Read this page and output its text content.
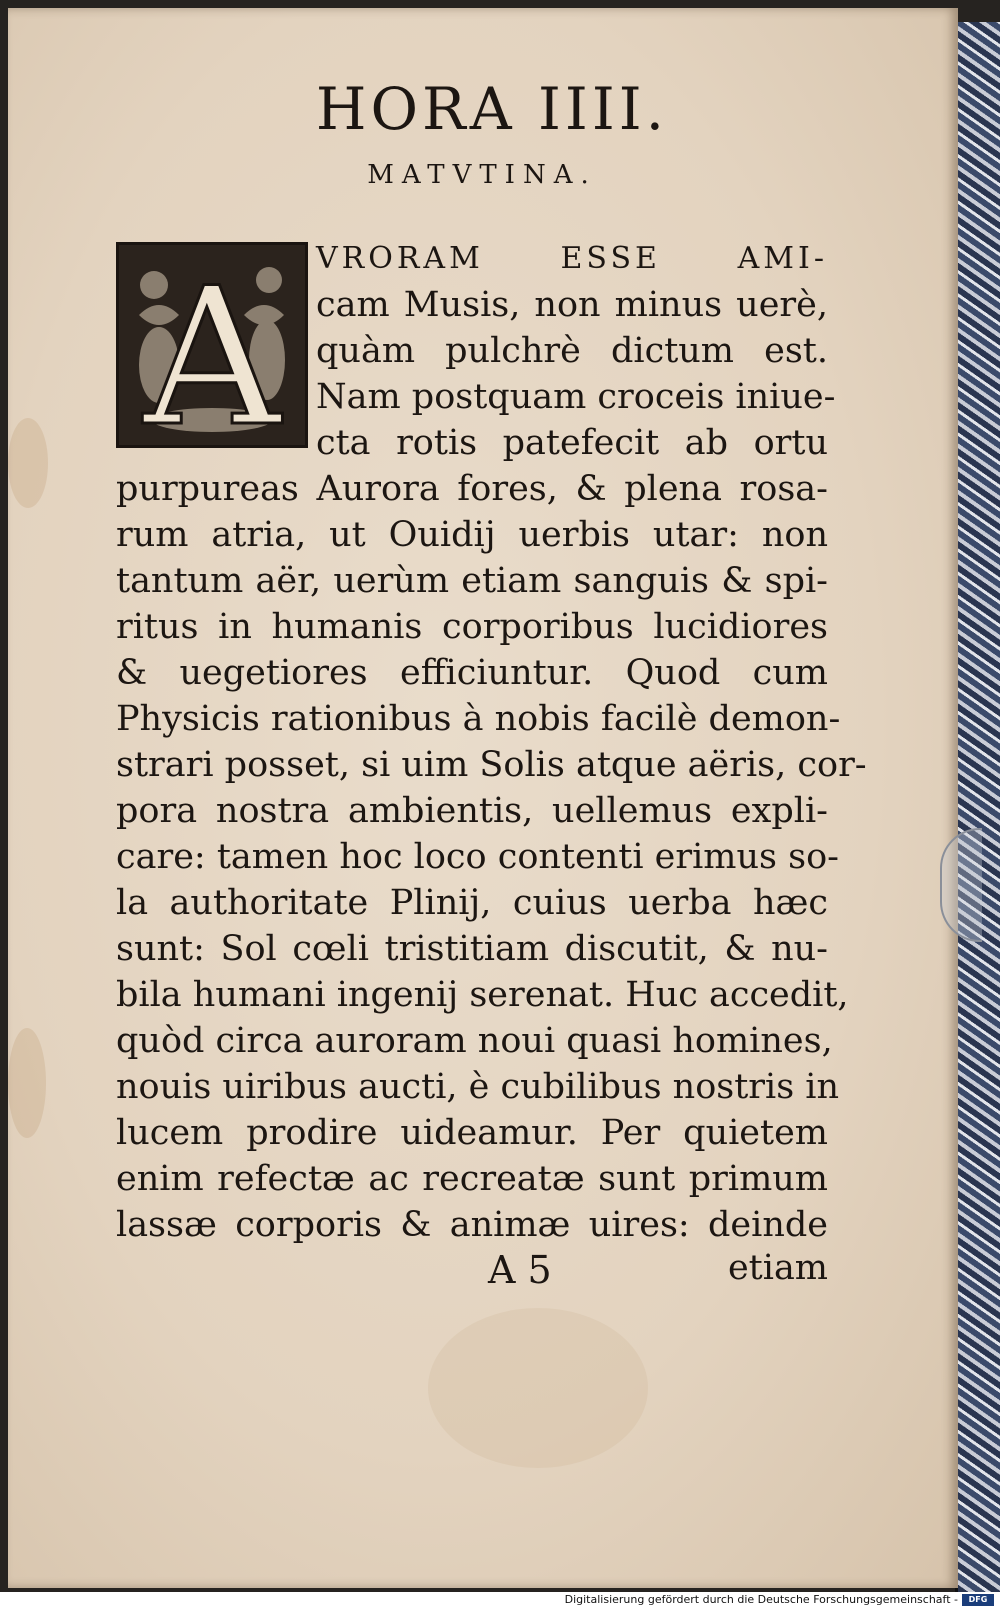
HORA IIII.
MATVTINA.
A	VRORAM ESSE AMI-
cam Musis, non minus uerè,
quàm pulchrè dictum est.
Nam postquam croceis iniue-
cta rotis patefecit ab ortu
purpureas Aurora fores, & plena rosa-
rum atria, ut Ouidij uerbis utar: non
tantum aër, uerùm etiam sanguis & spi-
ritus in humanis corporibus lucidiores
& uegetiores efficiuntur. Quod cum
Physicis rationibus à nobis facilè demon-
strari posset, si uim Solis atque aëris, cor-
pora nostra ambientis, uellemus expli-
care: tamen hoc loco contenti erimus so-
la authoritate Plinij, cuius uerba hæc
sunt: Sol cœli tristitiam discutit, & nu-
bila humani ingenij serenat. Huc accedit,
quòd circa auroram noui quasi homines,
nouis uiribus aucti, è cubilibus nostris in
lucem prodire uideamur. Per quietem
enim refectæ ac recreatæ sunt primum
lassæ corporis & animæ uires: deinde
A 5	etiam
Digitalisierung gefördert durch die Deutsche Forschungsgemeinschaft -	DFG
